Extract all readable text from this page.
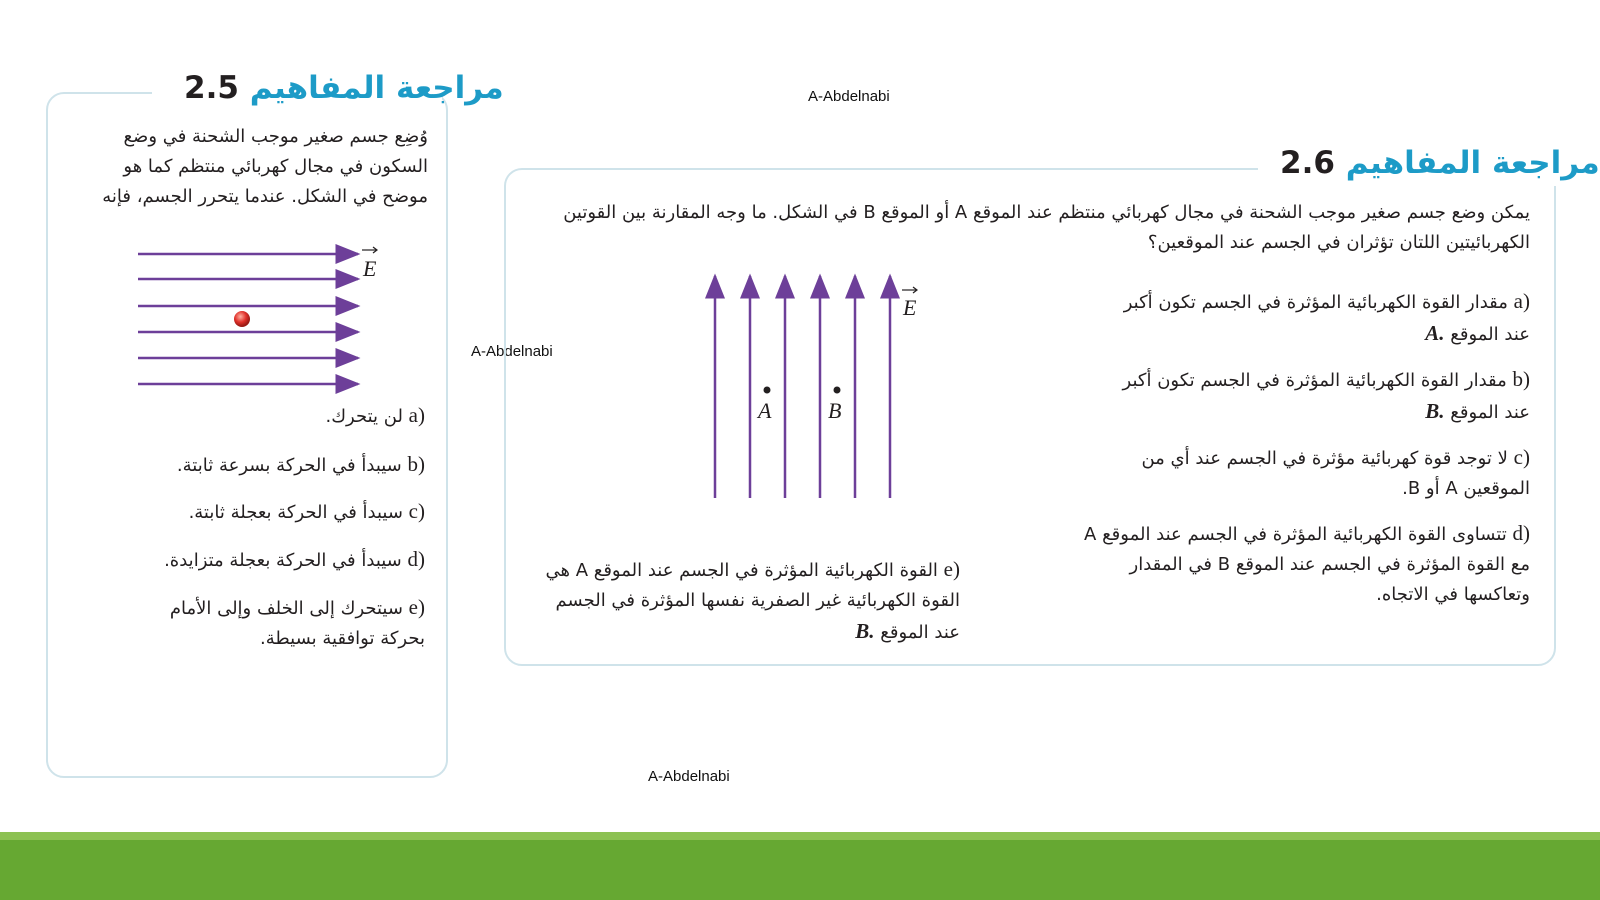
A-Abdelnabi
A-Abdelnabi
A-Abdelnabi
2.5 مراجعة المفاهيم
وُضِع جسم صغير موجب الشحنة في وضع السكون في مجال كهربائي منتظم كما هو موضح في الشكل. عندما يتحرر الجسم، فإنه
E
a) لن يتحرك.
b) سيبدأ في الحركة بسرعة ثابتة.
c) سيبدأ في الحركة بعجلة ثابتة.
d) سيبدأ في الحركة بعجلة متزايدة.
e) سيتحرك إلى الخلف وإلى الأمام بحركة توافقية بسيطة.
2.6 مراجعة المفاهيم
يمكن وضع جسم صغير موجب الشحنة في مجال كهربائي منتظم عند الموقع A أو الموقع B في الشكل. ما وجه المقارنة بين القوتين الكهربائيتين اللتان تؤثران في الجسم عند الموقعين؟
A	B
E	a) مقدار القوة الكهربائية المؤثرة في الجسم تكون أكبر عند الموقع A.
b) مقدار القوة الكهربائية المؤثرة في الجسم تكون أكبر عند الموقع B.
c) لا توجد قوة كهربائية مؤثرة في الجسم عند أي من الموقعين A أو B.
d) تتساوى القوة الكهربائية المؤثرة في الجسم عند الموقع A مع القوة المؤثرة في الجسم عند الموقع B في المقدار وتعاكسها في الاتجاه.
e) القوة الكهربائية المؤثرة في الجسم عند الموقع A هي القوة الكهربائية غير الصفرية نفسها المؤثرة في الجسم عند الموقع B.
